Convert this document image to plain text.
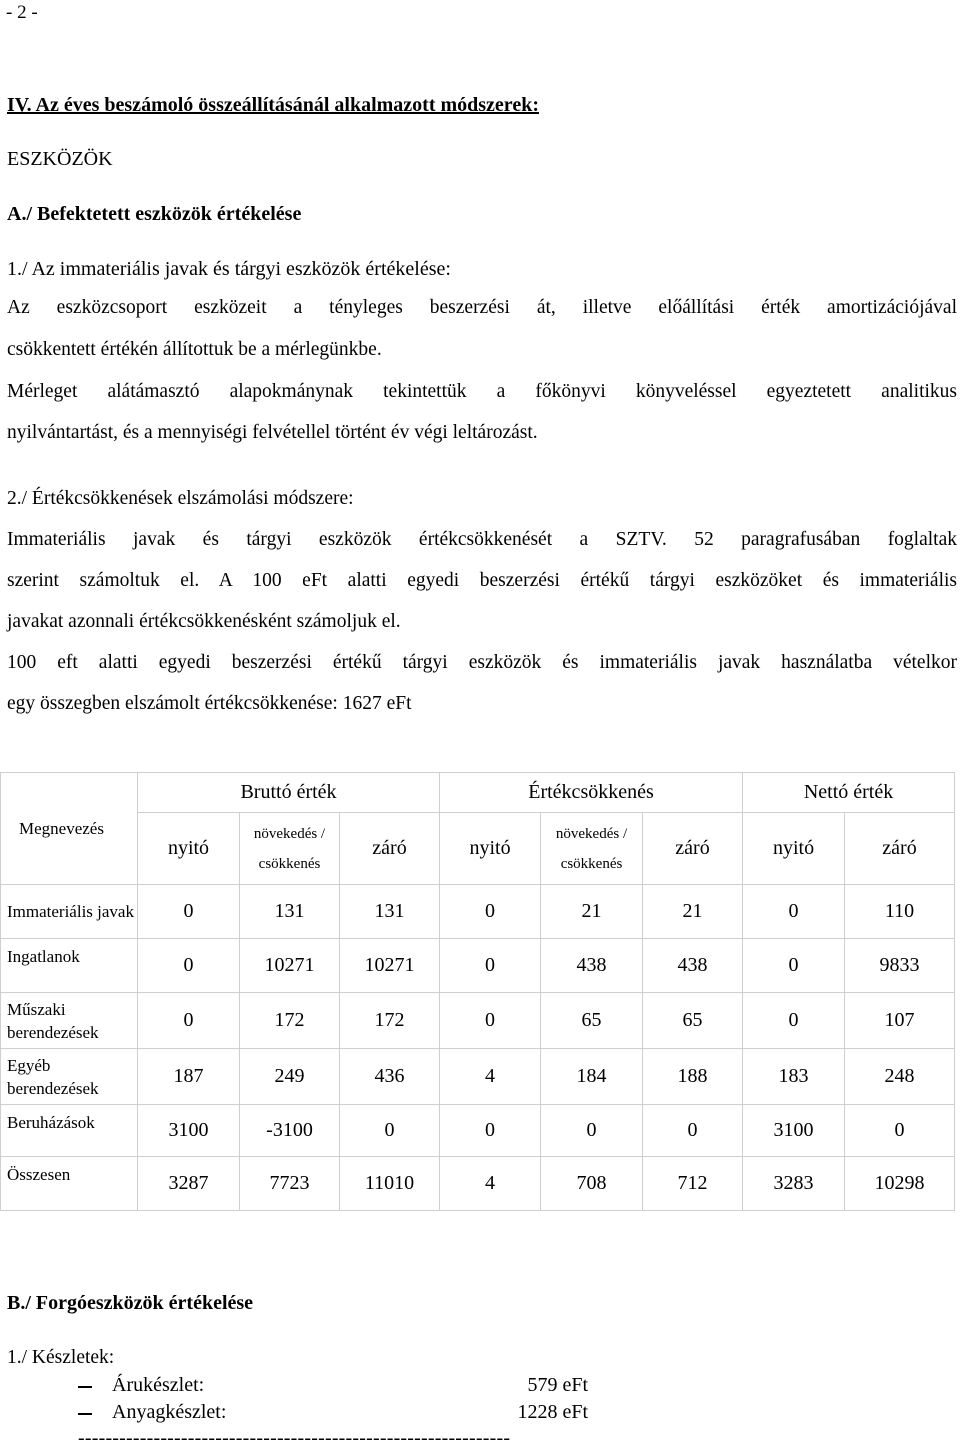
- 2 -
IV. Az éves beszámoló összeállításánál alkalmazott módszerek:
ESZKÖZÖK
A./ Befektetett eszközök értékelése
1./ Az immateriális javak és tárgyi eszközök értékelése:
Az eszközcsoport eszközeit a tényleges beszerzési át, illetve előállítási érték amortizációjával
csökkentett értékén állítottuk be a mérlegünkbe.
Mérleget alátámasztó alapokmánynak tekintettük a főkönyvi könyveléssel egyeztetett analitikus
nyilvántartást, és a mennyiségi felvétellel történt év végi leltározást.
2./ Értékcsökkenések elszámolási módszere:
Immateriális javak és tárgyi eszközök értékcsökkenését a SZTV. 52 paragrafusában foglaltak
szerint számoltuk el. A 100 eFt alatti egyedi beszerzési értékű tárgyi eszközöket és immateriális
javakat azonnali értékcsökkenésként számoljuk el.
100 eft alatti egyedi beszerzési értékű tárgyi eszközök és immateriális javak használatba vételkor
egy összegben elszámolt értékcsökkenése: 1627 eFt
Megnevezés	Bruttó érték			Értékcsökkenés			Nettó érték	
	nyitó	növekedés / csökkenés	záró	nyitó	növekedés / csökkenés	záró	nyitó	záró
Immateriális javak	0	131	131	0	21	21	0	110
Ingatlanok	0	10271	10271	0	438	438	0	9833
Műszaki berendezések	0	172	172	0	65	65	0	107
Egyéb berendezések	187	249	436	4	184	188	183	248
Beruházások	3100	-3100	0	0	0	0	3100	0
Összesen	3287	7723	11010	4	708	712	3283	10298
B./ Forgóeszközök értékelése
1./ Készletek:
Árukészlet:	579 eFt
Anyagkészlet:	1228 eFt
---------------------------------------------------------------
